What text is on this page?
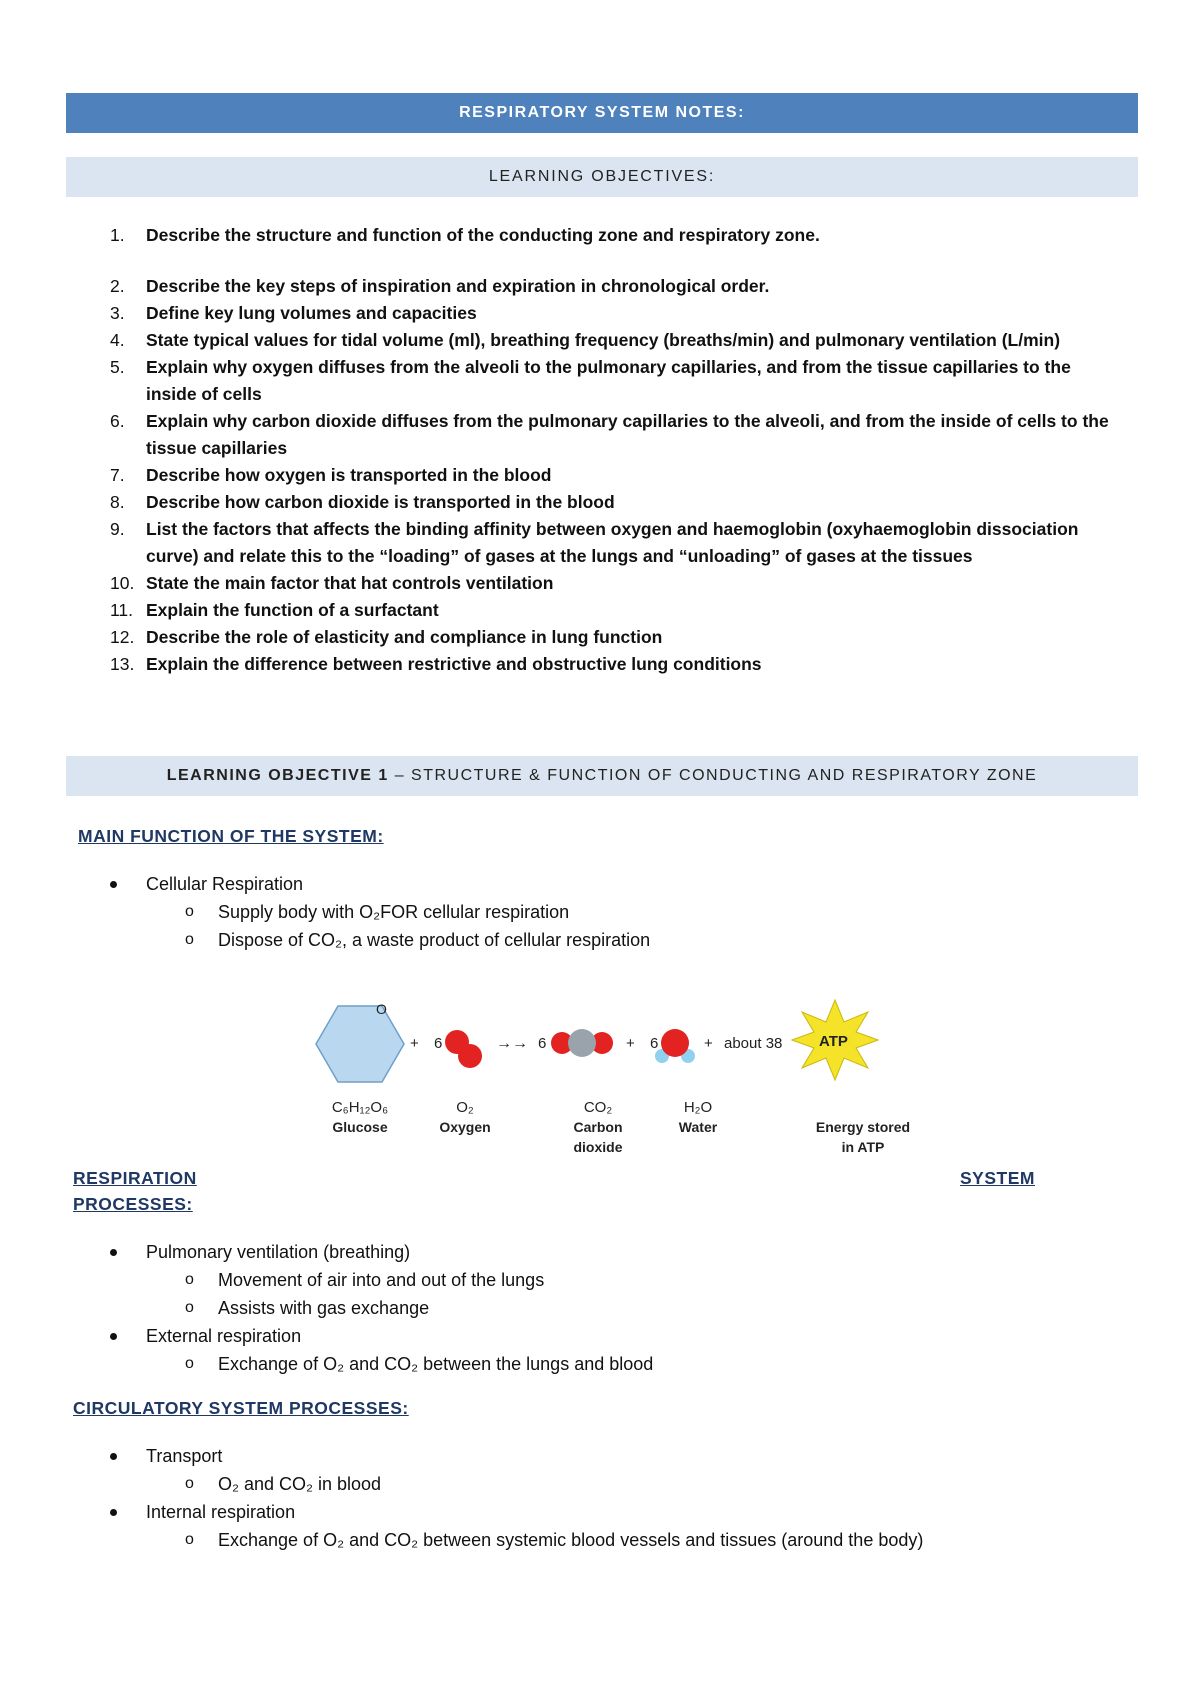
RESPIRATORY SYSTEM NOTES:
LEARNING OBJECTIVES:
1.	Describe the structure and function of the conducting zone and respiratory zone.
2.	Describe the key steps of inspiration and expiration in chronological order.
3.	Define key lung volumes and capacities
4.	State typical values for tidal volume (ml), breathing frequency (breaths/min) and pulmonary ventilation (L/min)
5.	Explain why oxygen diffuses from the alveoli to the pulmonary capillaries, and from the tissue capillaries to the inside of cells
6.	Explain why carbon dioxide diffuses from the pulmonary capillaries to the alveoli, and from the inside of cells to the tissue capillaries
7.	Describe how oxygen is transported in the blood
8.	Describe how carbon dioxide is transported in the blood
9.	List the factors that affects the binding affinity between oxygen and haemoglobin (oxyhaemoglobin dissociation curve) and relate this to the “loading” of gases at the lungs and “unloading” of gases at the tissues
10. State the main factor that hat controls ventilation
11. Explain the function of a surfactant
12. Describe the role of elasticity and compliance in lung function
13. Explain the difference between restrictive and obstructive lung conditions
LEARNING OBJECTIVE 1 – STRUCTURE & FUNCTION OF CONDUCTING AND RESPIRATORY ZONE
MAIN FUNCTION OF THE SYSTEM:
Cellular Respiration
o Supply body with O₂FOR cellular respiration
o Dispose of CO₂, a waste product of cellular respiration
O
+ 6	→→ 6	+ 6	+ about 38 ATP
C₆H₁₂O₆
Glucose
O₂
Oxygen
CO₂
Carbon
dioxide
H₂O
Water	Energy stored
in ATP
RESPIRATION	SYSTEM
PROCESSES:
Pulmonary ventilation (breathing)
o Movement of air into and out of the lungs
o Assists with gas exchange
External respiration
o Exchange of O₂ and CO₂ between the lungs and blood
CIRCULATORY SYSTEM PROCESSES:
Transport
o O₂ and CO₂ in blood
Internal respiration
o Exchange of O₂ and CO₂ between systemic blood vessels and tissues (around the body)
